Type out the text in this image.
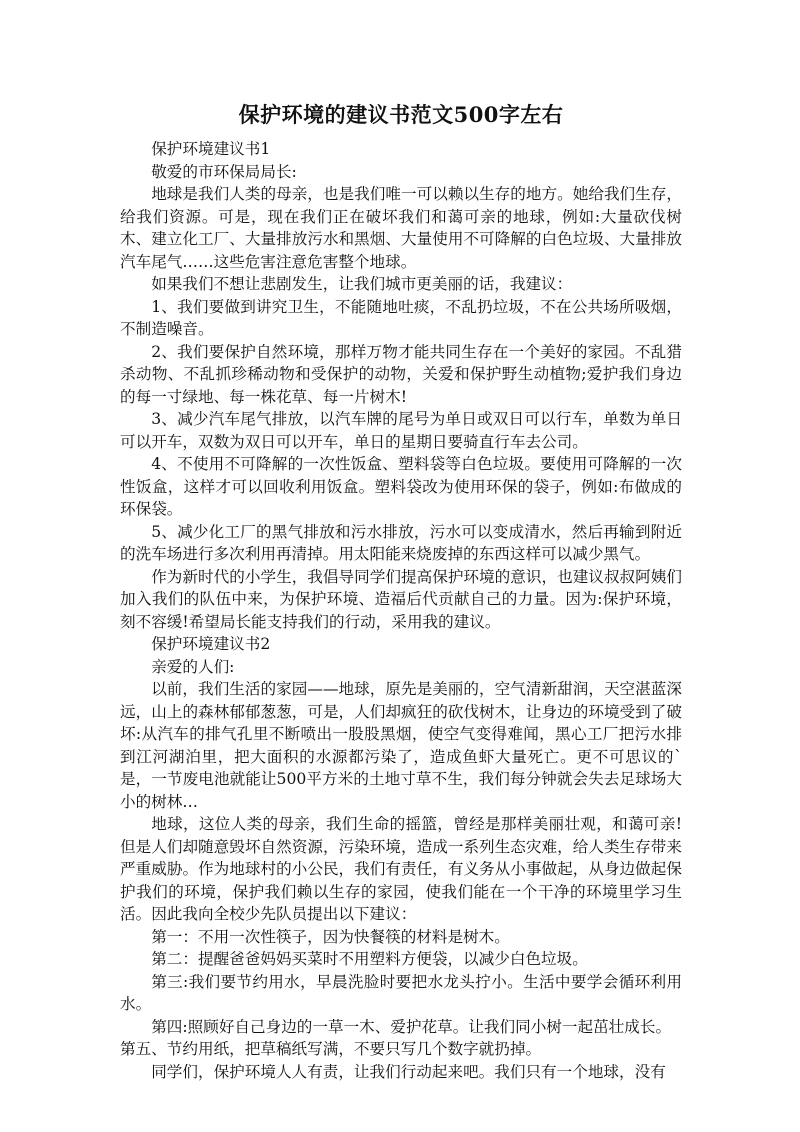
保护环境的建议书范文500字左右

保护环境建议书1

敬爱的市环保局局长:

地球是我们人类的母亲，也是我们唯一可以赖以生存的地方。她给我们生存，给我们资源。可是，现在我们正在破坏我们和蔼可亲的地球，例如:大量砍伐树木、建立化工厂、大量排放污水和黑烟、大量使用不可降解的白色垃圾、大量排放汽车尾气……这些危害注意危害整个地球。

如果我们不想让悲剧发生，让我们城市更美丽的话，我建议：

1、我们要做到讲究卫生，不能随地吐痰，不乱扔垃圾，不在公共场所吸烟，不制造噪音。

2、我们要保护自然环境，那样万物才能共同生存在一个美好的家园。不乱猎杀动物、不乱抓珍稀动物和受保护的动物，关爱和保护野生动植物;爱护我们身边的每一寸绿地、每一株花草、每一片树木!

3、减少汽车尾气排放，以汽车牌的尾号为单日或双日可以行车，单数为单日可以开车，双数为双日可以开车，单日的星期日要骑直行车去公司。

4、不使用不可降解的一次性饭盒、塑料袋等白色垃圾。要使用可降解的一次性饭盒，这样才可以回收利用饭盒。塑料袋改为使用环保的袋子，例如:布做成的环保袋。

5、减少化工厂的黑气排放和污水排放，污水可以变成清水，然后再输到附近的洗车场进行多次利用再清掉。用太阳能来烧废掉的东西这样可以减少黑气。

作为新时代的小学生，我倡导同学们提高保护环境的意识，也建议叔叔阿姨们加入我们的队伍中来，为保护环境、造福后代贡献自己的力量。因为:保护环境，刻不容缓!希望局长能支持我们的行动，采用我的建议。

保护环境建议书2

亲爱的人们:

以前，我们生活的家园——地球，原先是美丽的，空气清新甜润，天空湛蓝深远，山上的森林郁郁葱葱，可是，人们却疯狂的砍伐树木，让身边的环境受到了破坏:从汽车的排气孔里不断喷出一股股黑烟，使空气变得难闻，黑心工厂把污水排到江河湖泊里，把大面积的水源都污染了，造成鱼虾大量死亡。更不可思议的`是，一节废电池就能让500平方米的土地寸草不生，我们每分钟就会失去足球场大小的树林…

地球，这位人类的母亲，我们生命的摇篮，曾经是那样美丽壮观，和蔼可亲!但是人们却随意毁坏自然资源，污染环境，造成一系列生态灾难，给人类生存带来严重威胁。作为地球村的小公民，我们有责任，有义务从小事做起，从身边做起保护我们的环境，保护我们赖以生存的家园，使我们能在一个干净的环境里学习生活。因此我向全校少先队员提出以下建议：

第一：不用一次性筷子，因为快餐筷的材料是树木。

第二：提醒爸爸妈妈买菜时不用塑料方便袋，以减少白色垃圾。

第三:我们要节约用水，早晨洗脸时要把水龙头拧小。生活中要学会循环利用水。

第四:照顾好自己身边的一草一木、爱护花草。让我们同小树一起茁壮成长。

第五、节约用纸，把草稿纸写满，不要只写几个数字就扔掉。

同学们，保护环境人人有责，让我们行动起来吧。我们只有一个地球，没有
